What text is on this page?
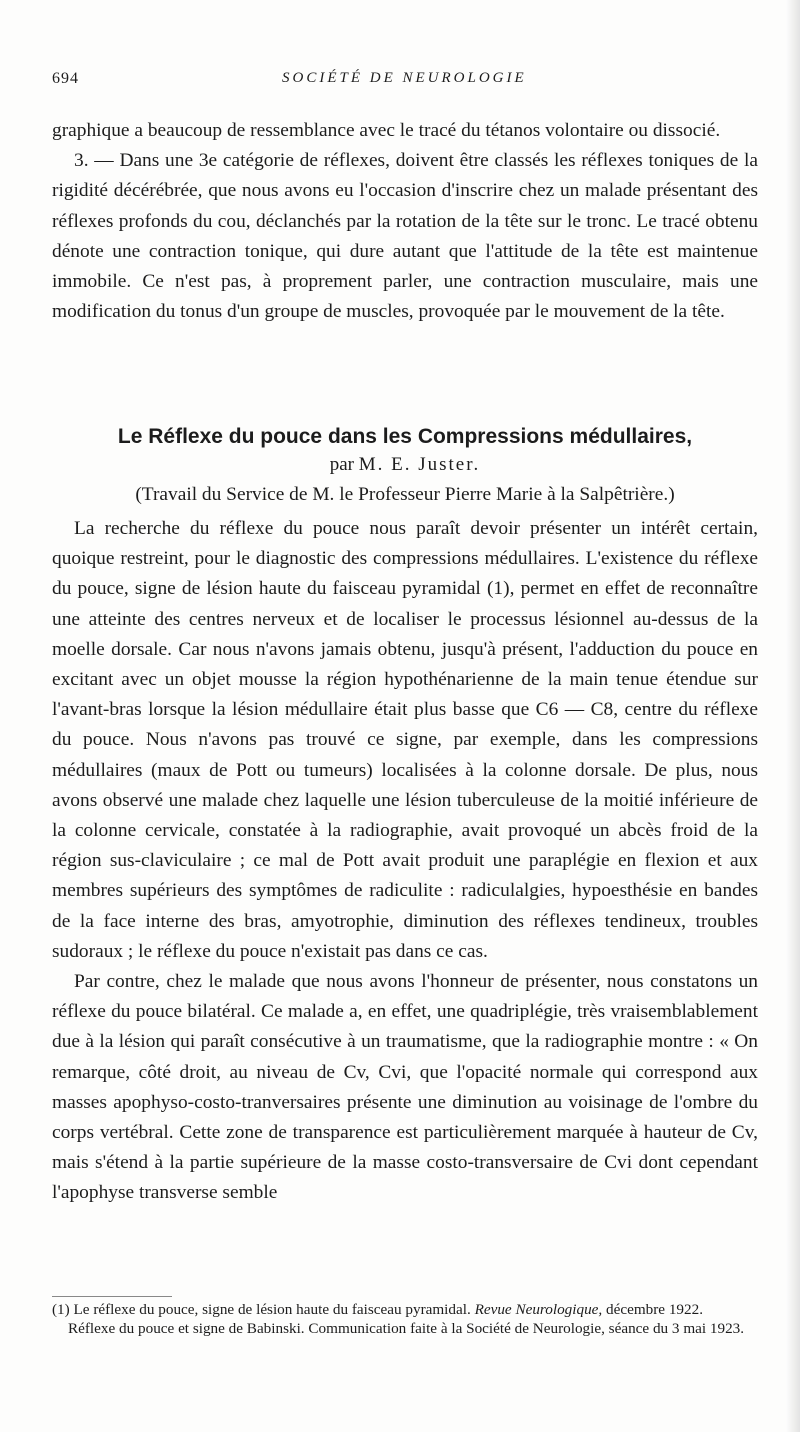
694	SOCIÉTÉ DE NEUROLOGIE

graphique a beaucoup de ressemblance avec le tracé du tétanos volontaire ou dissocié.

3. — Dans une 3e catégorie de réflexes, doivent être classés les réflexes toniques de la rigidité décérébrée, que nous avons eu l'occasion d'inscrire chez un malade présentant des réflexes profonds du cou, déclanchés par la rotation de la tête sur le tronc. Le tracé obtenu dénote une contraction tonique, qui dure autant que l'attitude de la tête est maintenue immobile. Ce n'est pas, à proprement parler, une contraction musculaire, mais une modification du tonus d'un groupe de muscles, provoquée par le mouvement de la tête.

Le Réflexe du pouce dans les Compressions médullaires,
par M. E. Juster.
(Travail du Service de M. le Professeur Pierre Marie à la Salpêtrière.)

La recherche du réflexe du pouce nous paraît devoir présenter un intérêt certain, quoique restreint, pour le diagnostic des compressions médullaires. L'existence du réflexe du pouce, signe de lésion haute du faisceau pyramidal (1), permet en effet de reconnaître une atteinte des centres nerveux et de localiser le processus lésionnel au-dessus de la moelle dorsale. Car nous n'avons jamais obtenu, jusqu'à présent, l'adduction du pouce en excitant avec un objet mousse la région hypothénarienne de la main tenue étendue sur l'avant-bras lorsque la lésion médullaire était plus basse que C6 — C8, centre du réflexe du pouce. Nous n'avons pas trouvé ce signe, par exemple, dans les compressions médullaires (maux de Pott ou tumeurs) localisées à la colonne dorsale. De plus, nous avons observé une malade chez laquelle une lésion tuberculeuse de la moitié inférieure de la colonne cervicale, constatée à la radiographie, avait provoqué un abcès froid de la région sus-claviculaire ; ce mal de Pott avait produit une paraplégie en flexion et aux membres supérieurs des symptômes de radiculite : radiculalgies, hypoesthésie en bandes de la face interne des bras, amyotrophie, diminution des réflexes tendineux, troubles sudoraux ; le réflexe du pouce n'existait pas dans ce cas.

Par contre, chez le malade que nous avons l'honneur de présenter, nous constatons un réflexe du pouce bilatéral. Ce malade a, en effet, une quadriplégie, très vraisemblablement due à la lésion qui paraît consécutive à un traumatisme, que la radiographie montre : « On remarque, côté droit, au niveau de Cv, Cvi, que l'opacité normale qui correspond aux masses apophyso-costo-tranversaires présente une diminution au voisinage de l'ombre du corps vertébral. Cette zone de transparence est particulièrement marquée à hauteur de Cv, mais s'étend à la partie supérieure de la masse costo-transversaire de Cvi dont cependant l'apophyse transverse semble

(1) Le réflexe du pouce, signe de lésion haute du faisceau pyramidal. Revue Neurologique, décembre 1922.

Réflexe du pouce et signe de Babinski. Communication faite à la Société de Neurologie, séance du 3 mai 1923.
